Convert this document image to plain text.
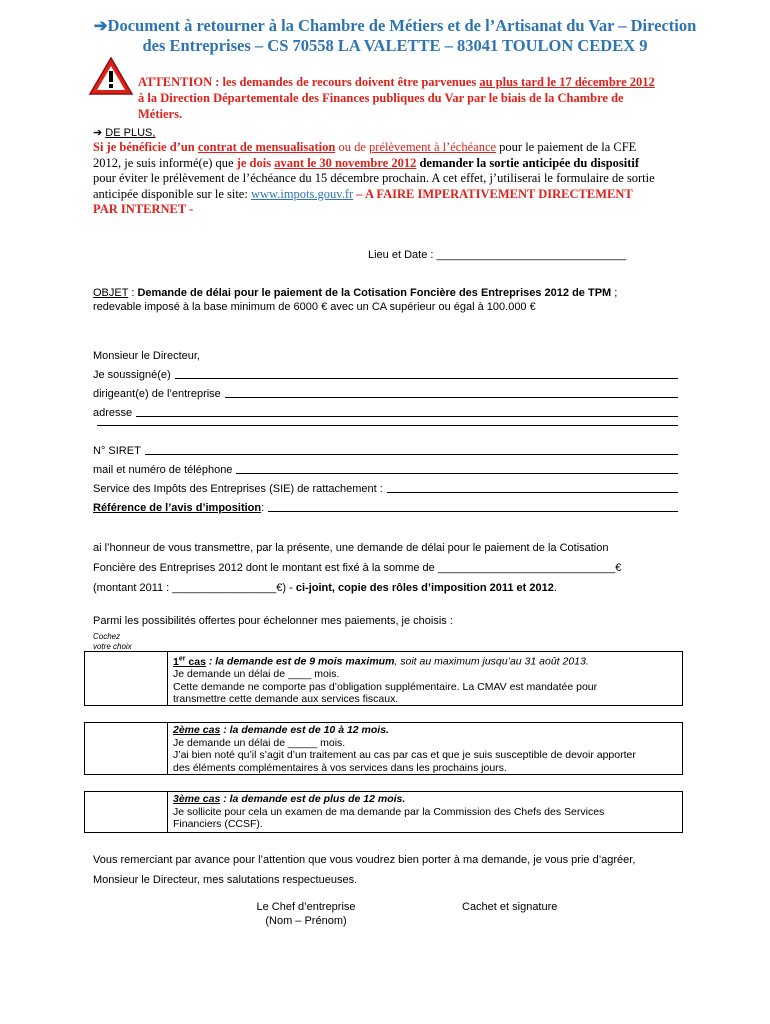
➔Document à retourner à la Chambre de Métiers et de l’Artisanat du Var – Direction
des Entreprises – CS 70558 LA VALETTE – 83041 TOULON CEDEX 9
ATTENTION : les demandes de recours doivent être parvenues au plus tard le 17 décembre 2012
à la Direction Départementale des Finances publiques du Var par le biais de la Chambre de
Métiers.
➔ DE PLUS,
Si je bénéficie d’un contrat de mensualisation ou de prélèvement à l’échéance pour le paiement de la CFE
2012, je suis informé(e) que je dois avant le 30 novembre 2012 demander la sortie anticipée du dispositif
pour éviter le prélèvement de l’échéance du 15 décembre prochain. A cet effet, j’utiliserai le formulaire de sortie
anticipée disponible sur le site: www.impots.gouv.fr – A FAIRE IMPERATIVEMENT DIRECTEMENT
PAR INTERNET -
Lieu et Date : _______________________________
OBJET : Demande de délai pour le paiement de la Cotisation Foncière des Entreprises 2012 de TPM ;
redevable imposé à la base minimum de 6000 € avec un CA supérieur ou égal à 100.000 €
Monsieur le Directeur,
Je soussigné(e)
dirigeant(e) de l’entreprise
adresse
N° SIRET
mail et numéro de téléphone
Service des Impôts des Entreprises (SIE) de rattachement :
Référence de l’avis d’imposition :
ai l’honneur de vous transmettre, par la présente, une demande de délai pour le paiement de la Cotisation
Foncière des Entreprises 2012 dont le montant est fixé à la somme de _____________________________€
(montant 2011 : _________________€) - ci-joint, copie des rôles d’imposition 2011 et 2012.
Parmi les possibilités offertes pour échelonner mes paiements, je choisis :
Cochez
votre choix
1er cas : la demande est de 9 mois maximum, soit au maximum jusqu’au 31 août 2013.
Je demande un délai de ____ mois.
Cette demande ne comporte pas d’obligation supplémentaire. La CMAV est mandatée pour
transmettre cette demande aux services fiscaux.
2ème cas : la demande est de 10 à 12 mois.
Je demande un délai de _____ mois.
J’ai bien noté qu’il s’agit d’un traitement au cas par cas et que je suis susceptible de devoir apporter
des éléments complémentaires à vos services dans les prochains jours.
3ème cas : la demande est de plus de 12 mois.
Je sollicite pour cela un examen de ma demande par la Commission des Chefs des Services
Financiers (CCSF).
Vous remerciant par avance pour l’attention que vous voudrez bien porter à ma demande, je vous prie d’agréer,
Monsieur le Directeur, mes salutations respectueuses.
Le Chef d’entreprise
(Nom – Prénom)
Cachet et signature
